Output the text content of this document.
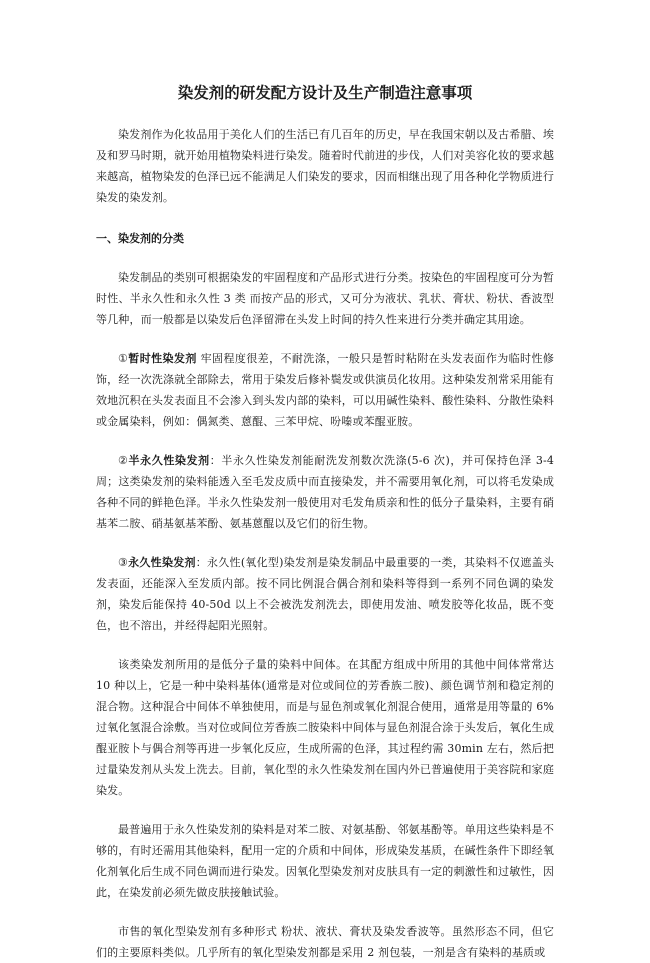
染发剂的研发配方设计及生产制造注意事项

染发剂作为化妆品用于美化人们的生活已有几百年的历史，早在我国宋朝以及古希腊、埃及和罗马时期，就开始用植物染料进行染发。随着时代前进的步伐，人们对美容化妆的要求越来越高，植物染发的色泽已远不能满足人们染发的要求，因而相继出现了用各种化学物质进行染发的染发剂。

一、染发剂的分类

染发制品的类别可根据染发的牢固程度和产品形式进行分类。按染色的牢固程度可分为暂时性、半永久性和永久性 3 类 而按产品的形式，又可分为液状、乳状、膏状、粉状、香波型等几种，而一般都是以染发后色泽留滞在头发上时间的持久性来进行分类并确定其用途。

①暂时性染发剂 牢固程度很差，不耐洗涤，一般只是暂时粘附在头发表面作为临时性修饰，经一次洗涤就全部除去，常用于染发后修补鬓发或供演员化妆用。这种染发剂常采用能有效地沉积在头发表面且不会渗入到头发内部的染料，可以用碱性染料、酸性染料、分散性染料或金属染料，例如：偶氮类、蒽醌、三苯甲烷、吩嗪或苯醌亚胺。

②半永久性染发剂：半永久性染发剂能耐洗发剂数次洗涤(5-6 次)，并可保持色泽 3-4 周；这类染发剂的染料能透入至毛发皮质中而直接染发，并不需要用氧化剂，可以将毛发染成各种不同的鲜艳色泽。半永久性染发剂一般使用对毛发角质亲和性的低分子量染料，主要有硝基苯二胺、硝基氨基苯酚、氨基蒽醌以及它们的衍生物。

③永久性染发剂：永久性(氧化型)染发剂是染发制品中最重要的一类，其染料不仅遮盖头发表面，还能深入至发质内部。按不同比例混合偶合剂和染料等得到一系列不同色调的染发剂，染发后能保持 40-50d 以上不会被洗发剂洗去，即使用发油、喷发胶等化妆品，既不变色，也不溶出，并经得起阳光照射。

该类染发剂所用的是低分子量的染料中间体。在其配方组成中所用的其他中间体常常达 10 种以上，它是一种中染料基体(通常是对位或间位的芳香族二胺)、颜色调节剂和稳定剂的混合物。这种混合中间体不单独使用，而是与显色剂或氧化剂混合使用，通常是用等量的 6%过氧化氢混合涂敷。当对位或间位芳香族二胺染料中间体与显色剂混合涂于头发后，氧化生成醌亚胺卜与偶合剂等再进一步氧化反应，生成所需的色泽，其过程约需 30min 左右，然后把过量染发剂从头发上洗去。目前，氧化型的永久性染发剂在国内外已普遍使用于美容院和家庭染发。

最普遍用于永久性染发剂的染料是对苯二胺、对氨基酚、邻氨基酚等。单用这些染料是不够的，有时还需用其他染料，配用一定的介质和中间体，形成染发基质，在碱性条件下即经氧化剂氧化后生成不同色调而进行染发。因氧化型染发剂对皮肤具有一定的刺激性和过敏性，因此，在染发前必须先做皮肤接触试验。

市售的氧化型染发剂有多种形式 粉状、液状、膏状及染发香波等。虽然形态不同，但它们的主要原料类似。几乎所有的氧化型染发剂都是采用 2 剂包装，一剂是含有染料的基质或
